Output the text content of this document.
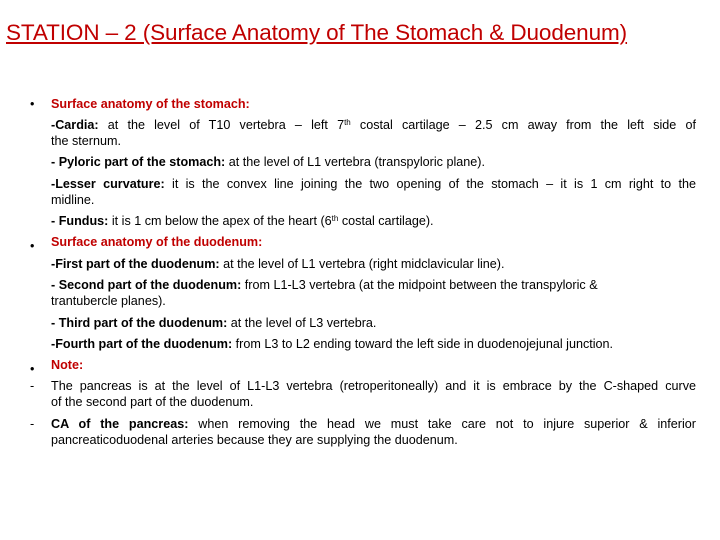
STATION – 2 (Surface Anatomy of The Stomach & Duodenum)
• Surface anatomy of the stomach:
-Cardia: at the level of T10 vertebra – left 7th costal cartilage – 2.5 cm away from the left side of
the sternum.
- Pyloric part of the stomach: at the level of L1 vertebra (transpyloric plane).
-Lesser curvature: it is the convex line joining the two opening of the stomach – it is 1 cm right to the
midline.
- Fundus: it is 1 cm below the apex of the heart (6th costal cartilage).
• Surface anatomy of the duodenum:
-First part of the duodenum: at the level of L1 vertebra (right midclavicular line).
- Second part of the duodenum: from L1-L3 vertebra (at the midpoint between the transpyloric &
trantubercle planes).
- Third part of the duodenum: at the level of L3 vertebra.
-Fourth part of the duodenum: from L3 to L2 ending toward the left side in duodenojejunal junction.
• Note:
- The pancreas is at the level of L1-L3 vertebra (retroperitoneally) and it is embrace by the C-shaped curve
of the second part of the duodenum.
- CA of the pancreas: when removing the head we must take care not to injure superior & inferior
pancreaticoduodenal arteries because they are supplying the duodenum.
